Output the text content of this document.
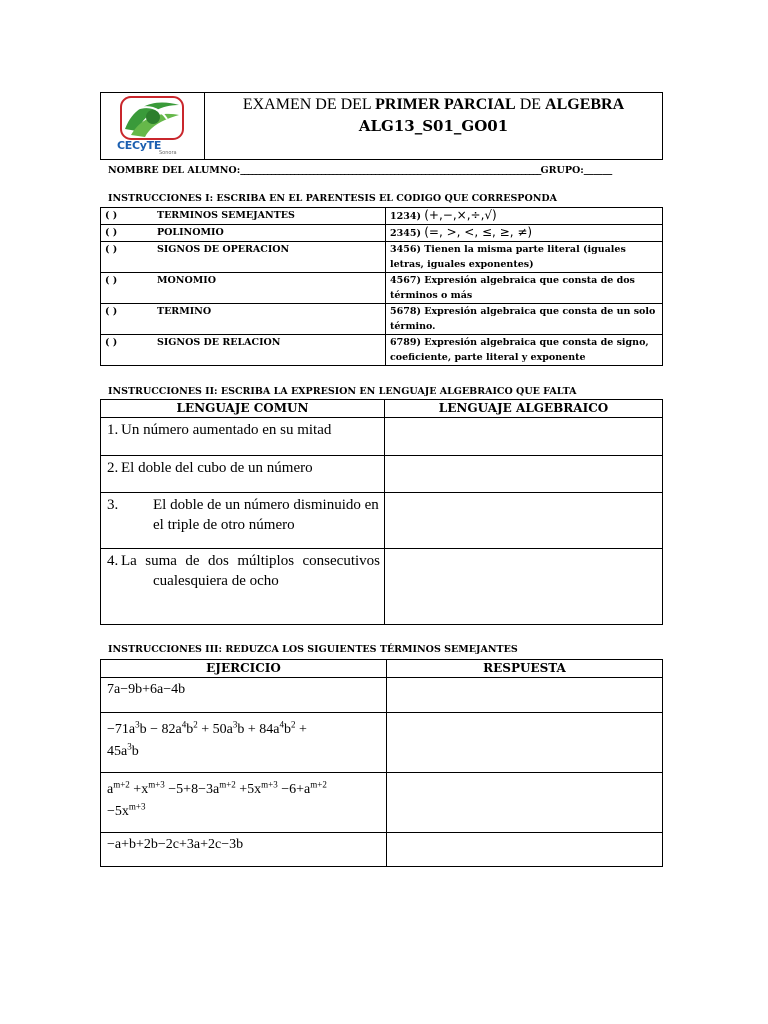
CECyTE
Sonora

EXAMEN DE DEL PRIMER PARCIAL DE ALGEBRA
ALG13_S01_GO01
NOMBRE DEL ALUMNO:______________________________________________________________________________GRUPO:______
INSTRUCCIONES I: ESCRIBA EN EL PARENTESIS EL CODIGO QUE CORRESPONDA
( ) TERMINOS SEMEJANTES	1234) (+,−,×,÷,√)
( ) POLINOMIO	2345) (=, >, <, ≤, ≥, ≠)
( ) SIGNOS DE OPERACION	3456) Tienen la misma parte literal (iguales letras, iguales exponentes)
( ) MONOMIO	4567) Expresión algebraica que consta de dos términos o más
( ) TERMINO	5678) Expresión algebraica que consta de un solo término.
( ) SIGNOS DE RELACION	6789) Expresión algebraica que consta de signo, coeficiente, parte literal y exponente
INSTRUCCIONES II: ESCRIBA LA EXPRESION EN LENGUAJE ALGEBRAICO QUE FALTA
LENGUAJE COMUN	LENGUAJE ALGEBRAICO

1. Un número aumentado en su mitad	

2. El doble del cubo de un número	

3. El doble de un número disminuido en el triple de otro número	

4. La suma de dos múltiplos consecutivos cualesquiera de ocho	

INSTRUCCIONES III: REDUZCA LOS SIGUIENTES TÉRMINOS SEMEJANTES
EJERCICIO	RESPUESTA
7a−9b+6a−4b	
$-71a^3b - 82a^4b^2 + 50a^3b + 84a^4b^2$ +
$45a^3b$	
$a^{m+2} +x^{m+3} -5+8-3a^{m+2} +5x^{m+3} -6+a^{m+2}$
$-5x^{m+3}$	
−a+b+2b−2c+3a+2c−3b	
